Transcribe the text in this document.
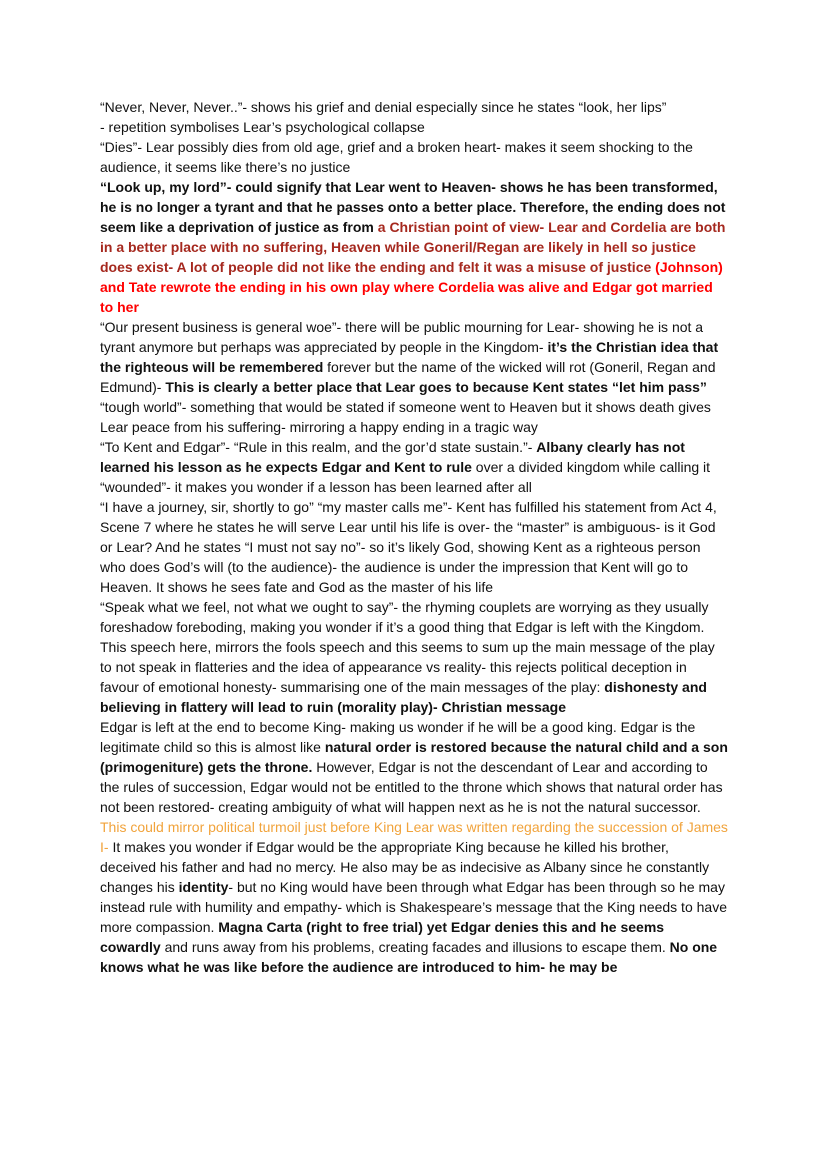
“Never, Never, Never..”- shows his grief and denial especially since he states “look, her lips”
- repetition symbolises Lear’s psychological collapse
“Dies”- Lear possibly dies from old age, grief and a broken heart- makes it seem shocking to the audience, it seems like there’s no justice
“Look up, my lord”- could signify that Lear went to Heaven- shows he has been transformed, he is no longer a tyrant and that he passes onto a better place. Therefore, the ending does not seem like a deprivation of justice as from a Christian point of view- Lear and Cordelia are both in a better place with no suffering, Heaven while Goneril/Regan are likely in hell so justice does exist- A lot of people did not like the ending and felt it was a misuse of justice (Johnson) and Tate rewrote the ending in his own play where Cordelia was alive and Edgar got married to her
“Our present business is general woe”- there will be public mourning for Lear- showing he is not a tyrant anymore but perhaps was appreciated by people in the Kingdom- it’s the Christian idea that the righteous will be remembered forever but the name of the wicked will rot (Goneril, Regan and Edmund)- This is clearly a better place that Lear goes to because Kent states “let him pass” “tough world”- something that would be stated if someone went to Heaven but it shows death gives Lear peace from his suffering- mirroring a happy ending in a tragic way
“To Kent and Edgar”- “Rule in this realm, and the gor’d state sustain.”- Albany clearly has not learned his lesson as he expects Edgar and Kent to rule over a divided kingdom while calling it “wounded”- it makes you wonder if a lesson has been learned after all
“I have a journey, sir, shortly to go” “my master calls me”- Kent has fulfilled his statement from Act 4, Scene 7 where he states he will serve Lear until his life is over- the “master” is ambiguous- is it God or Lear? And he states “I must not say no”- so it’s likely God, showing Kent as a righteous person who does God’s will (to the audience)- the audience is under the impression that Kent will go to Heaven. It shows he sees fate and God as the master of his life
“Speak what we feel, not what we ought to say”- the rhyming couplets are worrying as they usually foreshadow foreboding, making you wonder if it’s a good thing that Edgar is left with the Kingdom. This speech here, mirrors the fools speech and this seems to sum up the main message of the play to not speak in flatteries and the idea of appearance vs reality- this rejects political deception in favour of emotional honesty- summarising one of the main messages of the play: dishonesty and believing in flattery will lead to ruin (morality play)- Christian message
Edgar is left at the end to become King- making us wonder if he will be a good king. Edgar is the legitimate child so this is almost like natural order is restored because the natural child and a son (primogeniture) gets the throne. However, Edgar is not the descendant of Lear and according to the rules of succession, Edgar would not be entitled to the throne which shows that natural order has not been restored- creating ambiguity of what will happen next as he is not the natural successor. This could mirror political turmoil just before King Lear was written regarding the succession of James I- It makes you wonder if Edgar would be the appropriate King because he killed his brother, deceived his father and had no mercy. He also may be as indecisive as Albany since he constantly changes his identity- but no King would have been through what Edgar has been through so he may instead rule with humility and empathy- which is Shakespeare’s message that the King needs to have more compassion. Magna Carta (right to free trial) yet Edgar denies this and he seems cowardly and runs away from his problems, creating facades and illusions to escape them. No one knows what he was like before the audience are introduced to him- he may be
